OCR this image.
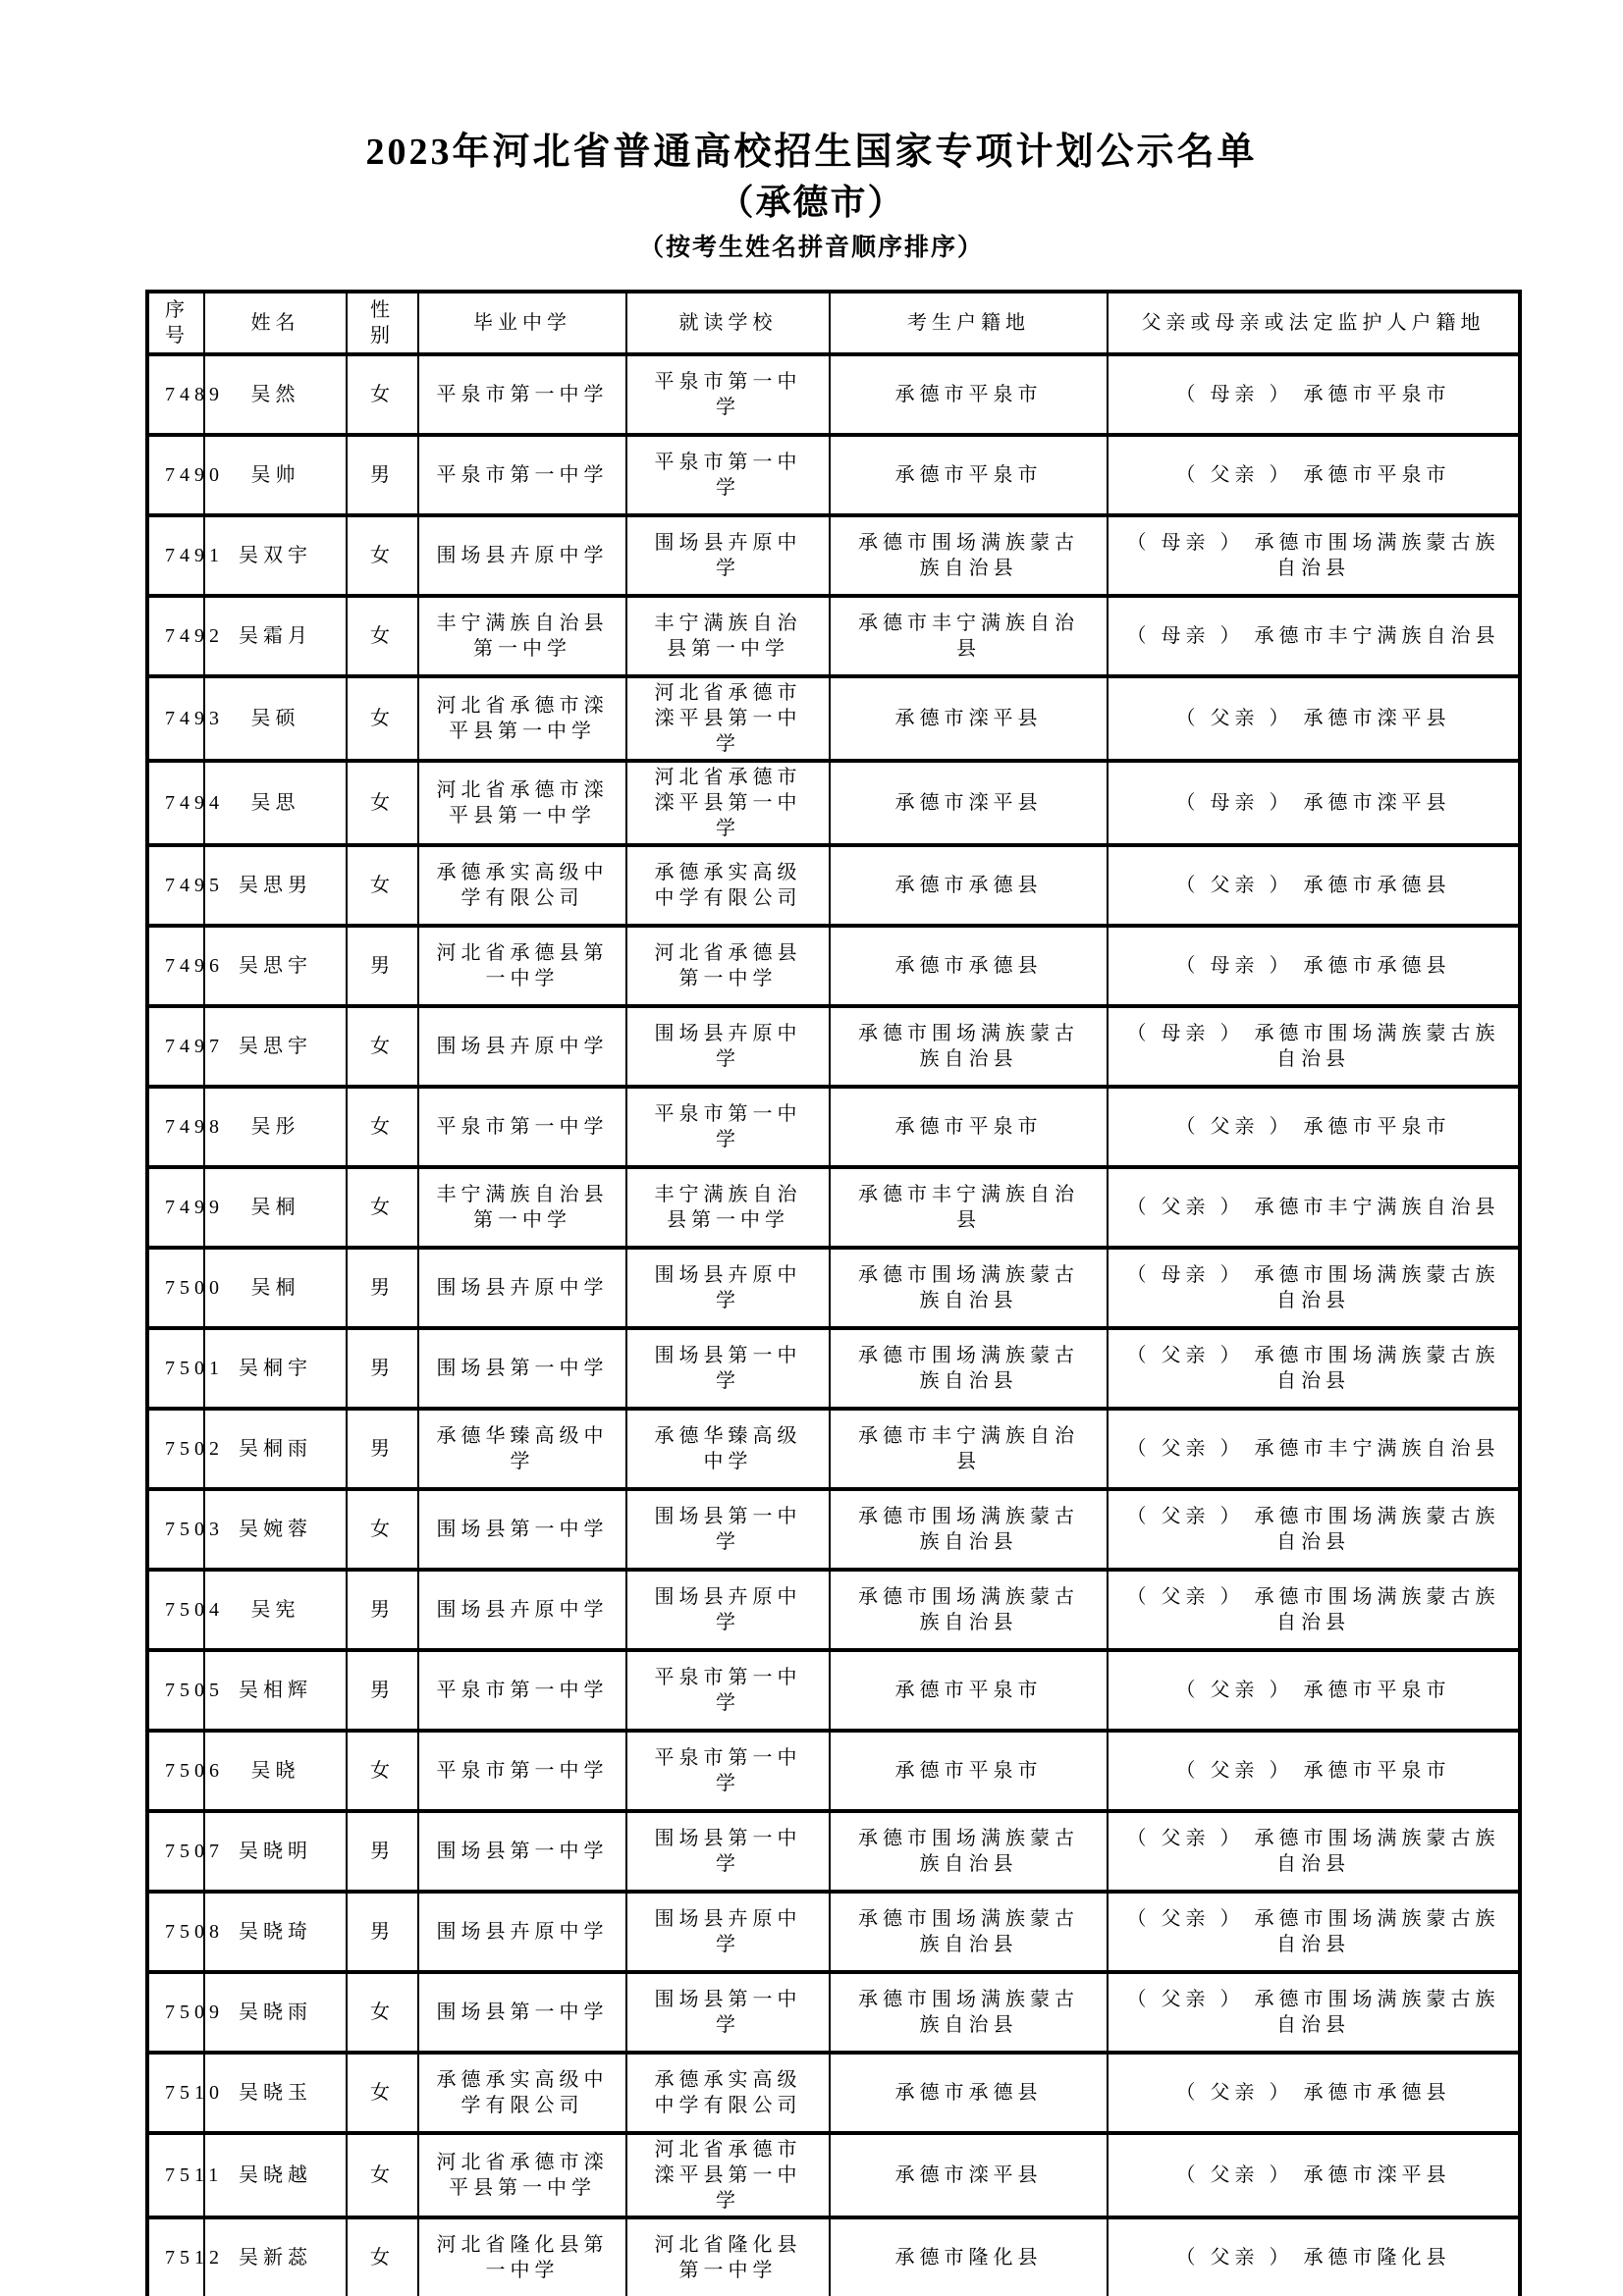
2023年河北省普通高校招生国家专项计划公示名单
（承德市）
（按考生姓名拼音顺序排序）
序号	姓名	性别	毕业中学	就读学校	考生户籍地	父亲或母亲或法定监护人户籍地
7489	吴然	女	平泉市第一中学	平泉市第一中学	承德市平泉市	（ 母亲 ） 承德市平泉市
7490	吴帅	男	平泉市第一中学	平泉市第一中学	承德市平泉市	（ 父亲 ） 承德市平泉市
7491	吴双宇	女	围场县卉原中学	围场县卉原中学	承德市围场满族蒙古族自治县	（ 母亲 ） 承德市围场满族蒙古族自治县
7492	吴霜月	女	丰宁满族自治县第一中学	丰宁满族自治县第一中学	承德市丰宁满族自治县	（ 母亲 ） 承德市丰宁满族自治县
7493	吴硕	女	河北省承德市滦平县第一中学	河北省承德市滦平县第一中学	承德市滦平县	（ 父亲 ） 承德市滦平县
7494	吴思	女	河北省承德市滦平县第一中学	河北省承德市滦平县第一中学	承德市滦平县	（ 母亲 ） 承德市滦平县
7495	吴思男	女	承德承实高级中学有限公司	承德承实高级中学有限公司	承德市承德县	（ 父亲 ） 承德市承德县
7496	吴思宇	男	河北省承德县第一中学	河北省承德县第一中学	承德市承德县	（ 母亲 ） 承德市承德县
7497	吴思宇	女	围场县卉原中学	围场县卉原中学	承德市围场满族蒙古族自治县	（ 母亲 ） 承德市围场满族蒙古族自治县
7498	吴彤	女	平泉市第一中学	平泉市第一中学	承德市平泉市	（ 父亲 ） 承德市平泉市
7499	吴桐	女	丰宁满族自治县第一中学	丰宁满族自治县第一中学	承德市丰宁满族自治县	（ 父亲 ） 承德市丰宁满族自治县
7500	吴桐	男	围场县卉原中学	围场县卉原中学	承德市围场满族蒙古族自治县	（ 母亲 ） 承德市围场满族蒙古族自治县
7501	吴桐宇	男	围场县第一中学	围场县第一中学	承德市围场满族蒙古族自治县	（ 父亲 ） 承德市围场满族蒙古族自治县
7502	吴桐雨	男	承德华臻高级中学	承德华臻高级中学	承德市丰宁满族自治县	（ 父亲 ） 承德市丰宁满族自治县
7503	吴婉蓉	女	围场县第一中学	围场县第一中学	承德市围场满族蒙古族自治县	（ 父亲 ） 承德市围场满族蒙古族自治县
7504	吴宪	男	围场县卉原中学	围场县卉原中学	承德市围场满族蒙古族自治县	（ 父亲 ） 承德市围场满族蒙古族自治县
7505	吴相辉	男	平泉市第一中学	平泉市第一中学	承德市平泉市	（ 父亲 ） 承德市平泉市
7506	吴晓	女	平泉市第一中学	平泉市第一中学	承德市平泉市	（ 父亲 ） 承德市平泉市
7507	吴晓明	男	围场县第一中学	围场县第一中学	承德市围场满族蒙古族自治县	（ 父亲 ） 承德市围场满族蒙古族自治县
7508	吴晓琦	男	围场县卉原中学	围场县卉原中学	承德市围场满族蒙古族自治县	（ 父亲 ） 承德市围场满族蒙古族自治县
7509	吴晓雨	女	围场县第一中学	围场县第一中学	承德市围场满族蒙古族自治县	（ 父亲 ） 承德市围场满族蒙古族自治县
7510	吴晓玉	女	承德承实高级中学有限公司	承德承实高级中学有限公司	承德市承德县	（ 父亲 ） 承德市承德县
7511	吴晓越	女	河北省承德市滦平县第一中学	河北省承德市滦平县第一中学	承德市滦平县	（ 父亲 ） 承德市滦平县
7512	吴新蕊	女	河北省隆化县第一中学	河北省隆化县第一中学	承德市隆化县	（ 父亲 ） 承德市隆化县
